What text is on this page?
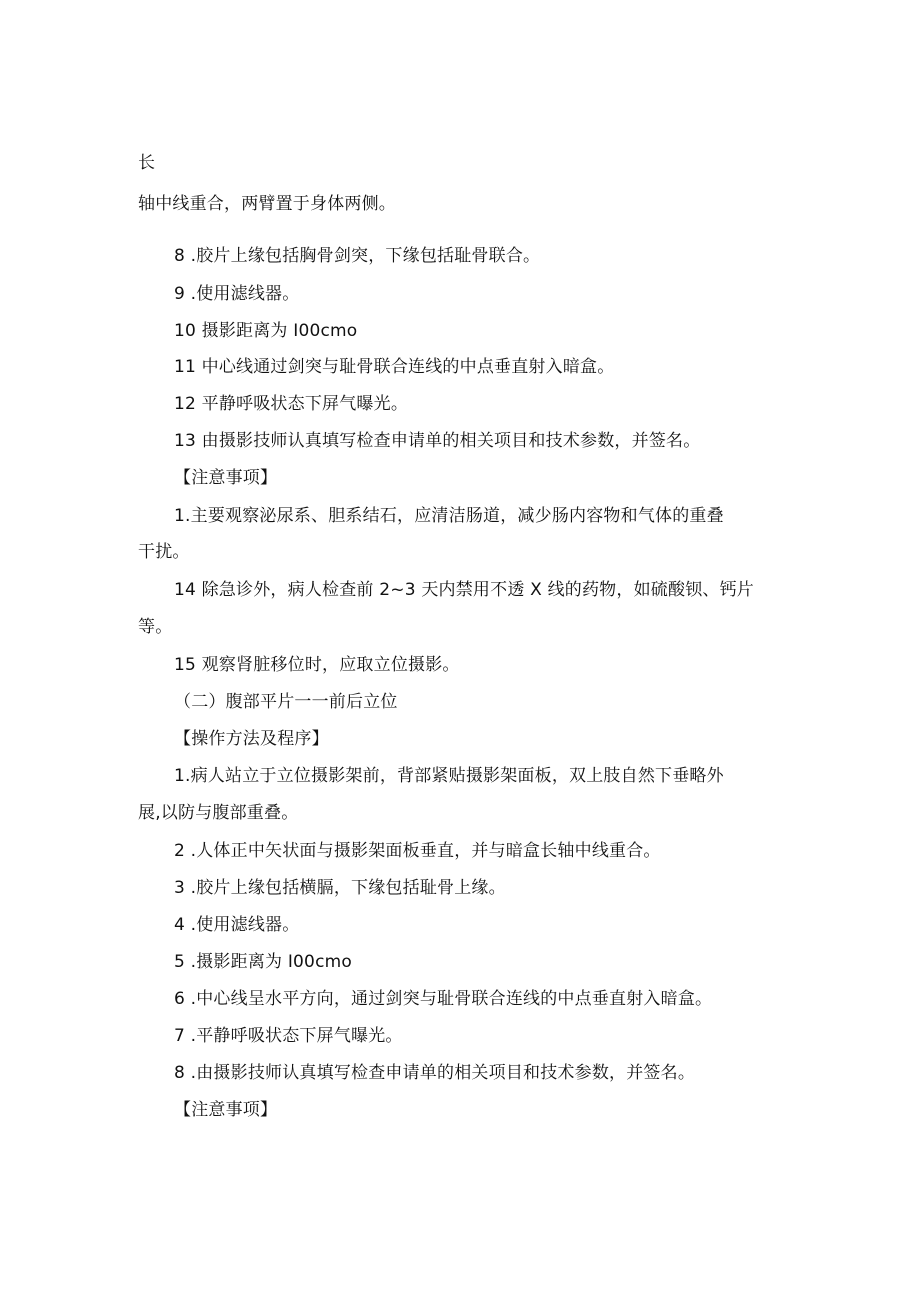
长
轴中线重合，两臂置于身体两侧。
8 .胶片上缘包括胸骨剑突，下缘包括耻骨联合。
9 .使用滤线器。
10 摄影距离为 I00cmo
11 中心线通过剑突与耻骨联合连线的中点垂直射入暗盒。
12 平静呼吸状态下屏气曝光。
13 由摄影技师认真填写检查申请单的相关项目和技术参数，并签名。
【注意事项】
1.主要观察泌尿系、胆系结石，应清洁肠道，减少肠内容物和气体的重叠
干扰。
14 除急诊外，病人检查前 2~3 天内禁用不透 X 线的药物，如硫酸钡、钙片
等。
15 观察肾脏移位时，应取立位摄影。
（二）腹部平片一一前后立位
【操作方法及程序】
1.病人站立于立位摄影架前，背部紧贴摄影架面板，双上肢自然下垂略外
展,以防与腹部重叠。
2 .人体正中矢状面与摄影架面板垂直，并与暗盒长轴中线重合。
3 .胶片上缘包括横膈，下缘包括耻骨上缘。
4 .使用滤线器。
5 .摄影距离为 I00cmo
6 .中心线呈水平方向，通过剑突与耻骨联合连线的中点垂直射入暗盒。
7 .平静呼吸状态下屏气曝光。
8 .由摄影技师认真填写检查申请单的相关项目和技术参数，并签名。
【注意事项】
